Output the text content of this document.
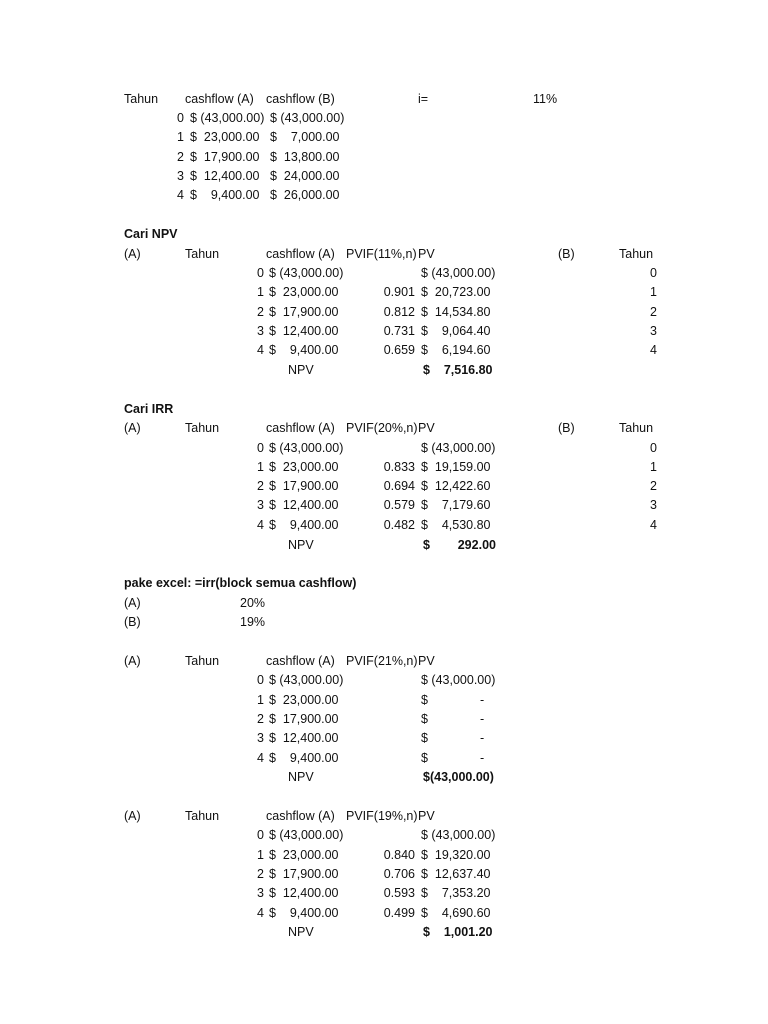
Tahun cashflow (A) cashflow (B)	i=	11%
0 $ (43,000.00) $ (43,000.00)
1 $  23,000.00 $    7,000.00
2 $  17,900.00 $  13,800.00
3 $  12,400.00 $  24,000.00
4 $    9,400.00 $  26,000.00
Cari NPV
(A)	Tahun	cashflow (A) PVIF(11%,n) PV	(B)	Tahun
0 $ (43,000.00)	$ (43,000.00)	0
1 $  23,000.00	0.901 $  20,723.00	1
2 $  17,900.00	0.812 $  14,534.80	2
3 $  12,400.00	0.731 $    9,064.40	3
4 $    9,400.00	0.659 $    6,194.60	4
NPV	$    7,516.80
Cari IRR
(A)	Tahun	cashflow (A) PVIF(20%,n) PV	(B)	Tahun
0 $ (43,000.00)	$ (43,000.00)	0
1 $  23,000.00	0.833 $  19,159.00	1
2 $  17,900.00	0.694 $  12,422.60	2
3 $  12,400.00	0.579 $    7,179.60	3
4 $    9,400.00	0.482 $    4,530.80	4
NPV	$        292.00
pake excel: =irr(block semua cashflow)
(A)	20%
(B)	19%
(A)	Tahun	cashflow (A) PVIF(21%,n) PV
0 $ (43,000.00)	$ (43,000.00)
1 $  23,000.00	$               -
2 $  17,900.00	$               -
3 $  12,400.00	$               -
4 $    9,400.00	$               -
NPV	$(43,000.00)
(A)	Tahun	cashflow (A) PVIF(19%,n) PV
0 $ (43,000.00)	$ (43,000.00)
1 $  23,000.00	0.840 $  19,320.00
2 $  17,900.00	0.706 $  12,637.40
3 $  12,400.00	0.593 $    7,353.20
4 $    9,400.00	0.499 $    4,690.60
NPV	$    1,001.20
